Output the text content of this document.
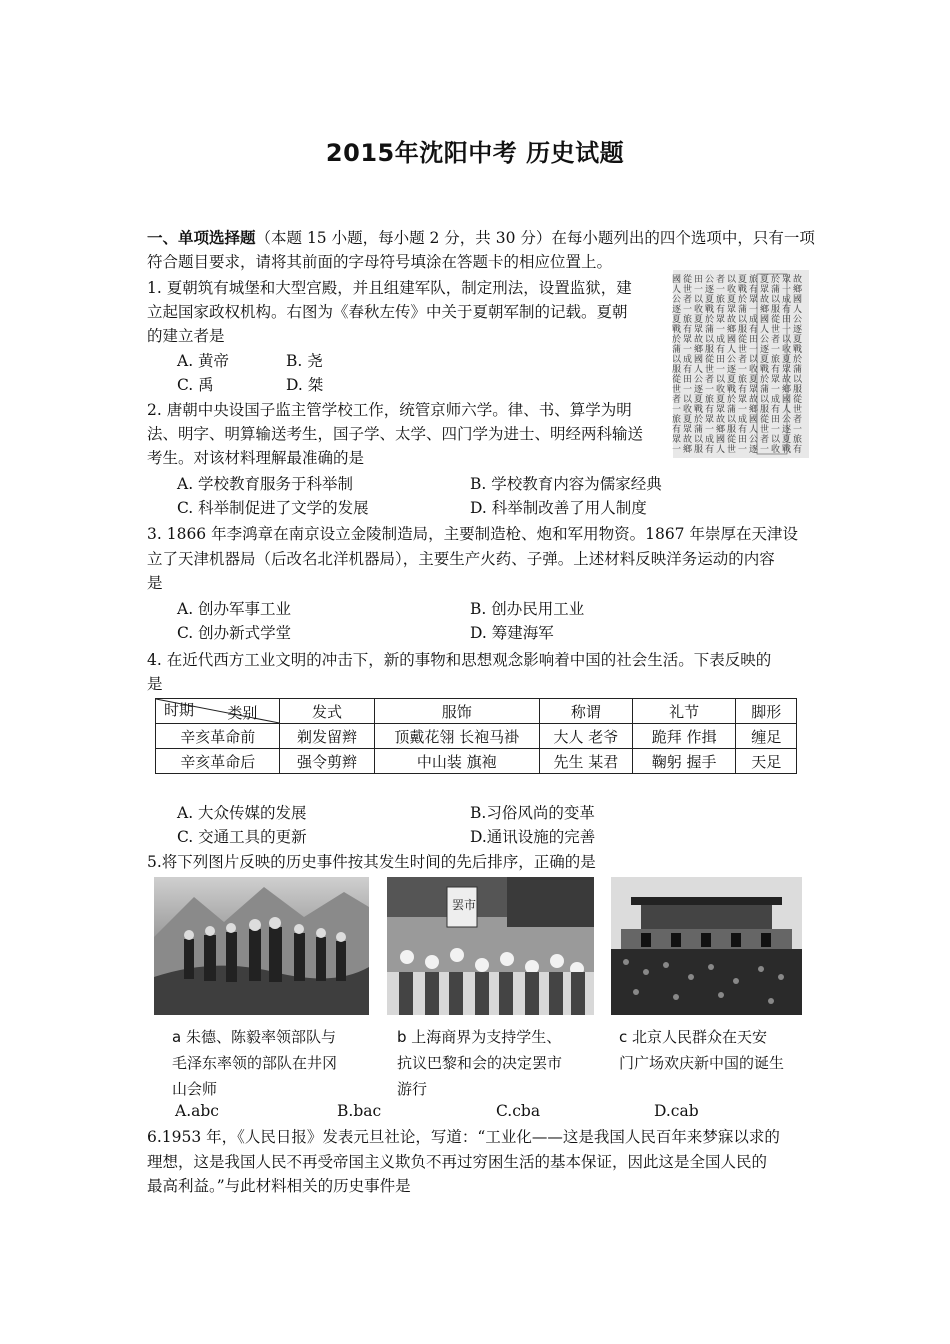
2015年沈阳中考 历史试题
一、单项选择题（本题 15 小题，每小题 2 分，共 30 分）在每小题列出的四个选项中，只有一项
符合题目要求，请将其前面的字母符号填涂在答题卡的相应位置上。
1. 夏朝筑有城堡和大型宫殿，并且组建军队，制定刑法，设置监狱，建
立起国家政权机构。右图为《春秋左传》中关于夏朝军制的记载。夏朝
的建立者是
A. 黄帝	B. 尧
C. 禹	D. 桀
故
鄉
國
人
公
逐
夏
戰
於
蒲
以
服
從
世
者
一
旅
有
眾
一
成
有
田
一
以
收
夏
眾
故
鄉
國
人
公
逐
夏
戰
於
蒲
以
服
從
世
者
一
旅
有
眾
一
成
有
田
一
以
收
夏
眾
故
鄉
國
人
公
逐
夏
戰
於
蒲
以
服
從
世
者
一
旅
有
眾
一
成
有
田
一
以
收
夏
眾
故
鄉
國
人
公
逐
夏
戰
於
蒲
以
服
從
世
者
一
旅
有
眾
一
成
有
田
一
以
收
夏
眾
故
鄉
國
人
公
逐
夏
戰
於
蒲
以
服
從
世
者
一
旅
有
眾
一
成
有
田
一
以
收
夏
眾
故
鄉
國
人
公
逐
夏
戰
於
蒲
以
服
從
世
者
一
旅
有
眾
一
成
有
田
一
以
收
夏
眾
故
鄉
國
人
公
逐
夏
戰
於
蒲
以
服
從
世
者
一
旅
有
眾
一
成
有
田
一
以
收
夏
眾
故
鄉
國
人
公
逐
夏
戰
於
蒲
以
服
從
世
者
一
旅
有
眾
一
2. 唐朝中央设国子监主管学校工作，统管京师六学。律、书、算学为明
法、明字、明算输送考生，国子学、太学、四门学为进士、明经两科输送
考生。对该材料理解最准确的是
A. 学校教育服务于科举制	B. 学校教育内容为儒家经典
C. 科举制促进了文学的发展	D. 科举制改善了用人制度
3. 1866 年李鸿章在南京设立金陵制造局，主要制造枪、炮和军用物资。1867 年崇厚在天津设
立了天津机器局（后改名北洋机器局），主要生产火药、子弹。上述材料反映洋务运动的内容
是
A. 创办军事工业	B. 创办民用工业
C. 创办新式学堂	D. 筹建海军
4. 在近代西方工业文明的冲击下，新的事物和思想观念影响着中国的社会生活。下表反映的
是
类别
时期	发式	服饰	称谓	礼节	脚形
辛亥革命前	剃发留辫	顶戴花翎 长袍马褂	大人 老爷	跪拜 作揖	缠足
辛亥革命后	强令剪辫	中山装 旗袍	先生 某君	鞠躬 握手	天足
A. 大众传媒的发展	B.习俗风尚的变革
C. 交通工具的更新	D.通讯设施的完善
5.将下列图片反映的历史事件按其发生时间的先后排序，正确的是
罢市
a 朱德、陈毅率领部队与
毛泽东率领的部队在井冈
山会师
b 上海商界为支持学生、
抗议巴黎和会的决定罢市
游行
c 北京人民群众在天安
门广场欢庆新中国的诞生
A.abc	B.bac	C.cba	D.cab
6.1953 年，《人民日报》发表元旦社论，写道：“工业化——这是我国人民百年来梦寐以求的
理想，这是我国人民不再受帝国主义欺负不再过穷困生活的基本保证，因此这是全国人民的
最高利益。”与此材料相关的历史事件是
